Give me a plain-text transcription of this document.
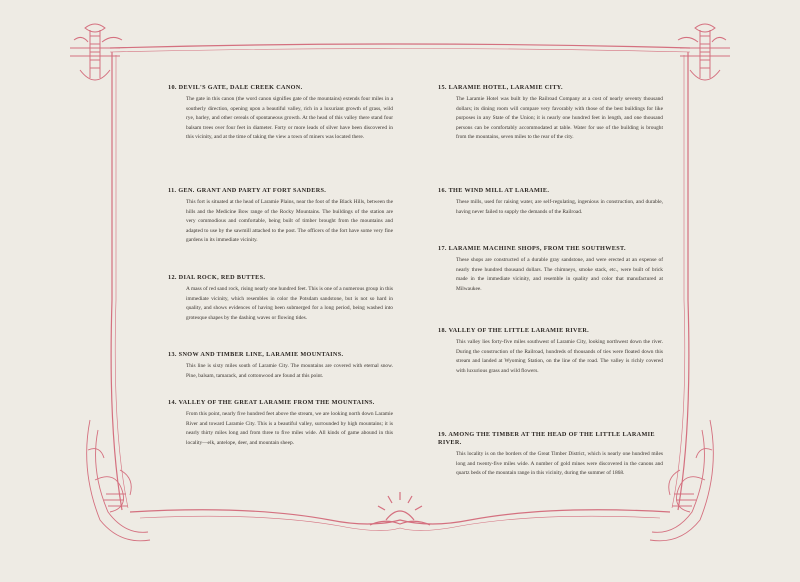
10. DEVIL'S GATE, DALE CREEK CANON.

The gate in this canon (the word canon signifies gate of the mountains) extends four miles in a southerly direction, opening upon a beautiful valley, rich in a luxuriant growth of grass, wild rye, barley, and other cereals of spontaneous growth. At the head of this valley there stand four balsam trees over four feet in diameter. Forty or more leads of silver have been discovered in this vicinity, and at the time of taking the view a town of miners was located there.

11. GEN. GRANT AND PARTY AT FORT SANDERS.

This fort is situated at the head of Laramie Plains, near the foot of the Black Hills, between the hills and the Medicine Bow range of the Rocky Mountains. The buildings of the station are very commodious and comfortable, being built of timber brought from the mountains and adapted to use by the sawmill attached to the post. The officers of the fort have some very fine gardens in its immediate vicinity.

12. DIAL ROCK, RED BUTTES.

A mass of red sand rock, rising nearly one hundred feet. This is one of a numerous group in this immediate vicinity, which resembles in color the Potsdam sandstone, but is not so hard in quality, and shows evidences of having been submerged for a long period, being washed into grotesque shapes by the dashing waves or flowing tides.

13. SNOW AND TIMBER LINE, LARAMIE MOUNTAINS.

This line is sixty miles south of Laramie City. The mountains are covered with eternal snow. Pine, balsam, tamarack, and cottonwood are found at this point.

14. VALLEY OF THE GREAT LARAMIE FROM THE MOUNTAINS.

From this point, nearly five hundred feet above the stream, we are looking north down Laramie River and toward Laramie City. This is a beautiful valley, surrounded by high mountains; it is nearly thirty miles long and from three to five miles wide. All kinds of game abound in this locality—elk, antelope, deer, and mountain sheep.

15. LARAMIE HOTEL, LARAMIE CITY.

The Laramie Hotel was built by the Railroad Company at a cost of nearly seventy thousand dollars; its dining room will compare very favorably with those of the best buildings for like purposes in any State of the Union; it is nearly one hundred feet in length, and one thousand persons can be comfortably accommodated at table. Water for use of the building is brought from the mountains, seven miles to the rear of the city.

16. THE WIND MILL AT LARAMIE.

These mills, used for raising water, are self-regulating, ingenious in construction, and durable, having never failed to supply the demands of the Railroad.

17. LARAMIE MACHINE SHOPS, FROM THE SOUTHWEST.

These shops are constructed of a durable gray sandstone, and were erected at an expense of nearly three hundred thousand dollars. The chimneys, smoke stack, etc., were built of brick made in the immediate vicinity, and resemble in quality and color that manufactured at Milwaukee.

18. VALLEY OF THE LITTLE LARAMIE RIVER.

This valley lies forty-five miles southwest of Laramie City, looking northwest down the river. During the construction of the Railroad, hundreds of thousands of ties were floated down this stream and landed at Wyoming Station, on the line of the road. The valley is richly covered with luxurious grass and wild flowers.

19. AMONG THE TIMBER AT THE HEAD OF THE LITTLE LARAMIE RIVER.

This locality is on the borders of the Great Timber District, which is nearly one hundred miles long and twenty-five miles wide. A number of gold mines were discovered in the canons and quartz beds of the mountain range in this vicinity, during the summer of 1868.
